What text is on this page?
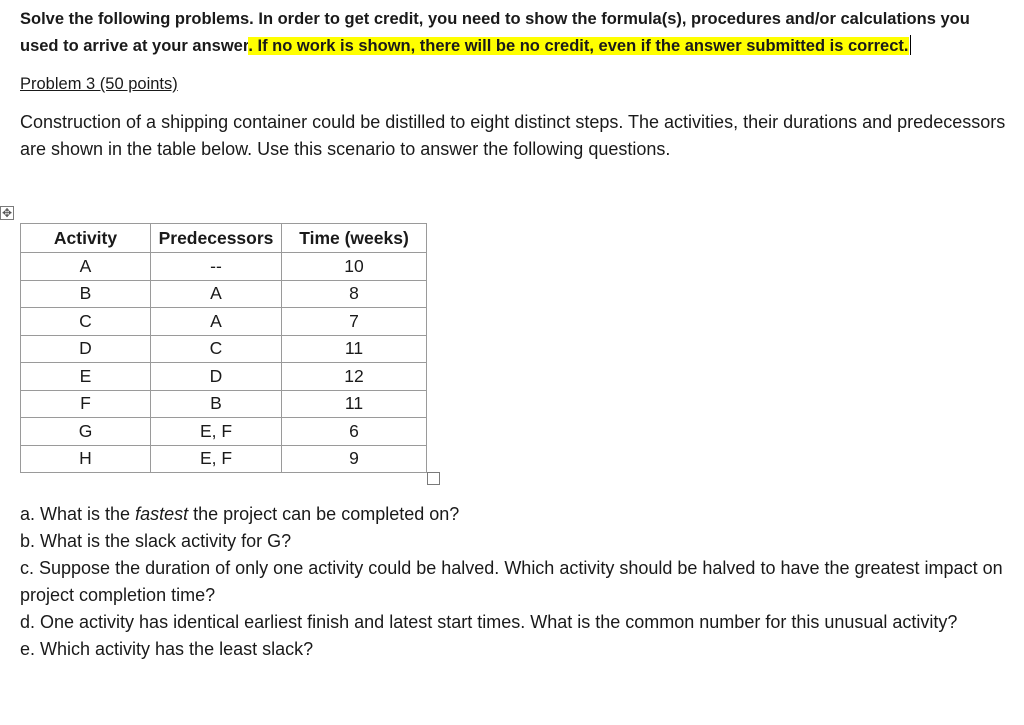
Solve the following problems. In order to get credit, you need to show the formula(s), procedures and/or calculations you used to arrive at your answer. If no work is shown, there will be no credit, even if the answer submitted is correct.

Problem 3 (50 points)
Construction of a shipping container could be distilled to eight distinct steps. The activities, their durations and predecessors are shown in the table below. Use this scenario to answer the following questions.
✥
Activity	Predecessors	Time (weeks)
A	--	10
B	A	8
C	A	7
D	C	11
E	D	12
F	B	11
G	E, F	6
H	E, F	9

a. What is the fastest the project can be completed on?

b. What is the slack activity for G?

c. Suppose the duration of only one activity could be halved. Which activity should be halved to have the greatest impact on project completion time?

d. One activity has identical earliest finish and latest start times. What is the common number for this unusual activity?

e. Which activity has the least slack?
